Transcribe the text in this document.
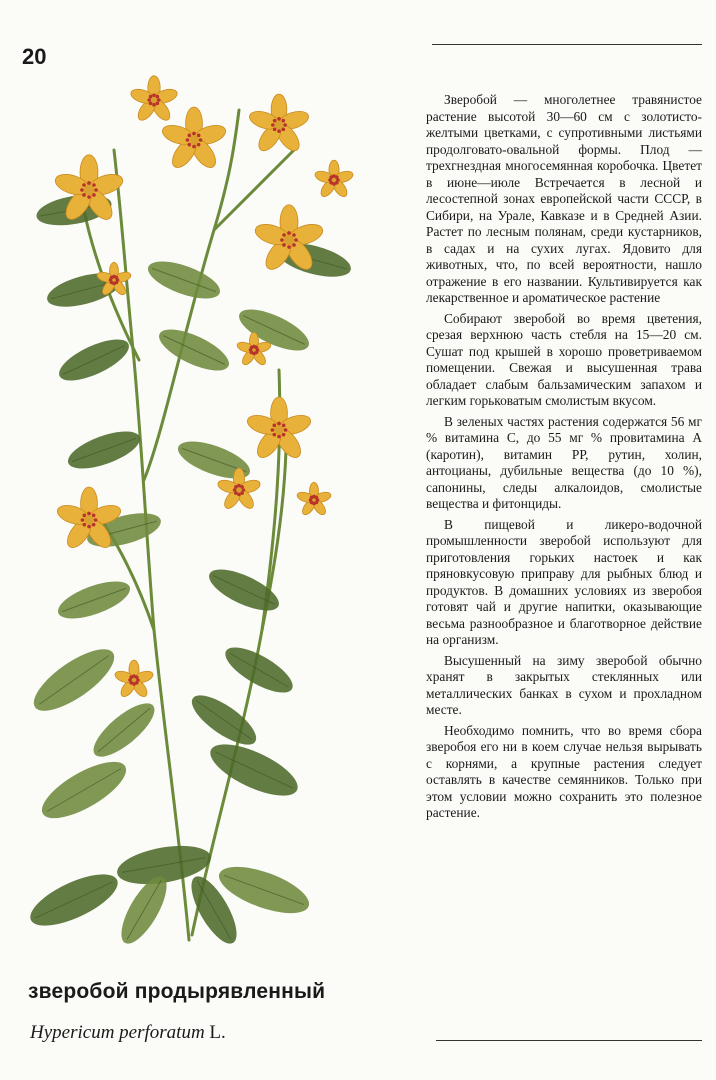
20

Зверобой — многолетнее травянистое растение высотой 30—60 см с золотисто-желтыми цветками, с супротивными листьями продолговато-овальной формы. Плод — трехгнездная многосемянная коробочка. Цветет в июне—июле Встречается в лесной и лесостепной зонах европейской части СССР, в Сибири, на Урале, Кавказе и в Средней Азии. Растет по лесным полянам, среди кустарников, в садах и на сухих лугах. Ядовито для животных, что, по всей вероятности, нашло отражение в его названии. Культивируется как лекарственное и ароматическое растение

Собирают зверобой во время цветения, срезая верхнюю часть стебля на 15—20 см. Сушат под крышей в хорошо проветриваемом помещении. Свежая и высушенная трава обладает слабым бальзамическим запахом и легким горьковатым смолистым вкусом.

В зеленых частях растения содержатся 56 мг % витамина С, до 55 мг % провитамина А (каротин), витамин РР, рутин, холин, антоцианы, дубильные вещества (до 10 %), сапонины, следы алкалоидов, смолистые вещества и фитонциды.

В пищевой и ликеро-водочной промышленности зверобой используют для приготовления горьких настоек и как пряновкусовую приправу для рыбных блюд и продуктов. В домашних условиях из зверобоя готовят чай и другие напитки, оказывающие весьма разнообразное и благотворное действие на организм.

Высушенный на зиму зверобой обычно хранят в закрытых стеклянных или металлических банках в сухом и прохладном месте.

Необходимо помнить, что во время сбора зверобоя его ни в коем случае нельзя вырывать с корнями, а крупные растения следует оставлять в качестве семянников. Только при этом условии можно сохранить это полезное растение.

зверобой продырявленный
Hypericum perforatum L.
